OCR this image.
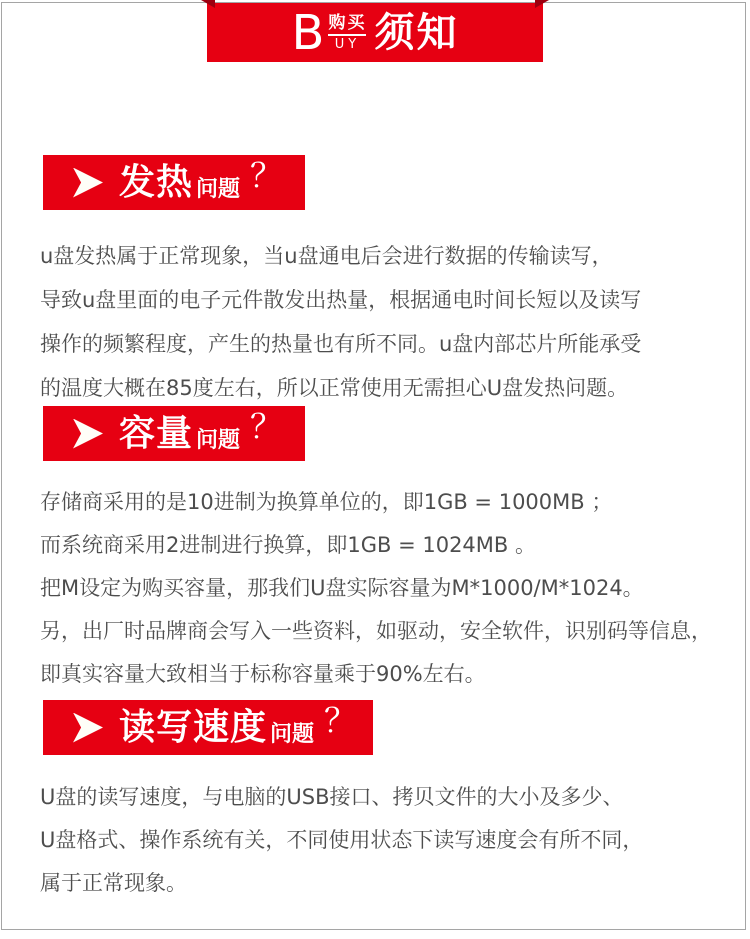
B 购买
UY 须知
发热 问题 ？
u盘发热属于正常现象，当u盘通电后会进行数据的传输读写，
导致u盘里面的电子元件散发出热量，根据通电时间长短以及读写
操作的频繁程度，产生的热量也有所不同。u盘内部芯片所能承受
的温度大概在85度左右，所以正常使用无需担心U盘发热问题。
容量 问题 ？
存储商采用的是10进制为换算单位的，即1GB = 1000MB ；
而系统商采用2进制进行换算，即1GB = 1024MB 。
把M设定为购买容量，那我们U盘实际容量为M*1000/M*1024。
另，出厂时品牌商会写入一些资料，如驱动，安全软件，识别码等信息，
即真实容量大致相当于标称容量乘于90%左右。
读写速度 问题 ？
U盘的读写速度，与电脑的USB接口、拷贝文件的大小及多少、
U盘格式、操作系统有关，不同使用状态下读写速度会有所不同，
属于正常现象。
